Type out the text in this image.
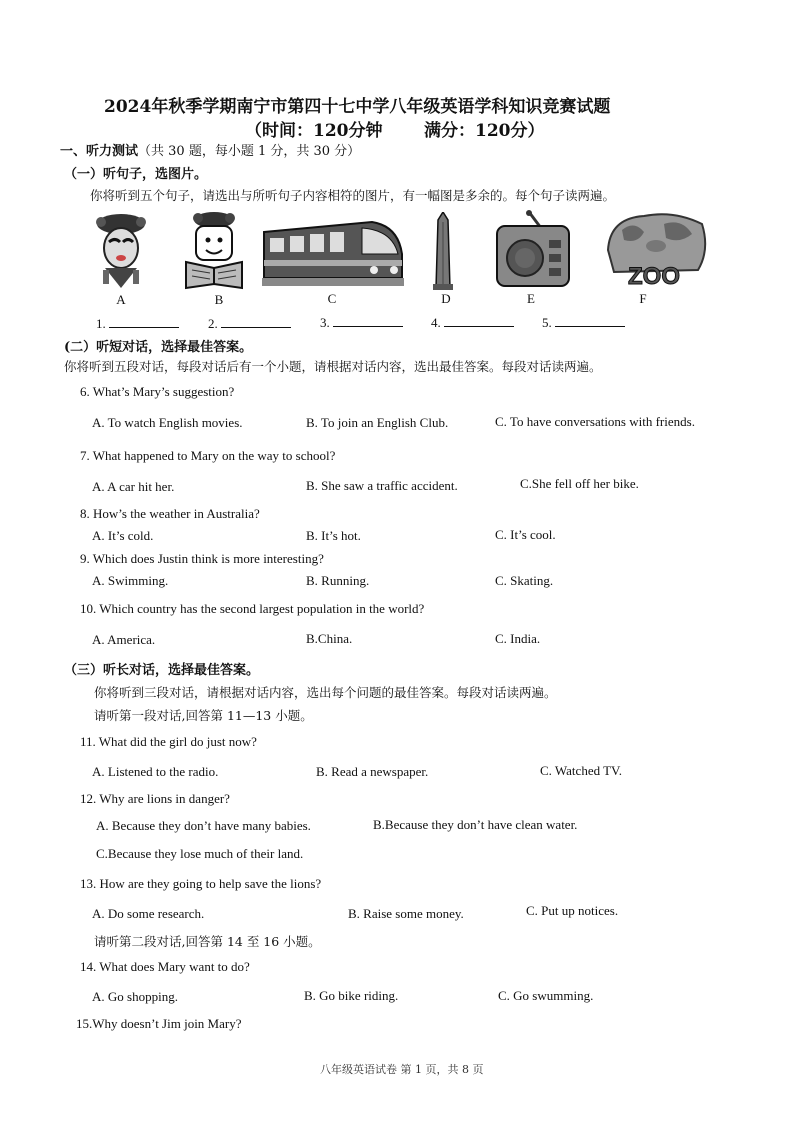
2024年秋季学期南宁市第四十七中学八年级英语学科知识竞赛试题
（时间：120分钟 满分：120分）
一、听力测试（共 30 题，每小题 1 分，共 30 分）
（一）听句子，选图片。
你将听到五个句子，请选出与所听句子内容相符的图片，有一幅图是多余的。每个句子读两遍。
ZOO
A	B	C	D	E	F
1.	2.	3.	4.	5.
(二）听短对话，选择最佳答案。
你将听到五段对话，每段对话后有一个小题，请根据对话内容，选出最佳答案。每段对话读两遍。
6. What’s Mary’s suggestion?
A. To watch English movies.	B. To join an English Club.	C. To have conversations with friends.
7. What happened to Mary on the way to school?
A. A car hit her.	B. She saw a traffic accident.	C.She fell off her bike.
8. How’s the weather in Australia?
A. It’s cold.	B. It’s hot.	C. It’s cool.
9. Which does Justin think is more interesting?
A. Swimming.	B. Running.	C. Skating.
10. Which country has the second largest population in the world?
A. America.	B.China.	C. India.
（三）听长对话，选择最佳答案。
你将听到三段对话，请根据对话内容，选出每个问题的最佳答案。每段对话读两遍。
请听第一段对话,回答第 11—13 小题。
11. What did the girl do just now?
A. Listened to the radio.	B. Read a newspaper.	C. Watched TV.
12. Why are lions in danger?
A. Because they don’t have many babies.	B.Because they don’t have clean water.
C.Because they lose much of their land.
13. How are they going to help save the lions?
A. Do some research.	B. Raise some money.	C. Put up notices.
请听第二段对话,回答第 14 至 16 小题。
14. What does Mary want to do?
A. Go shopping.	B. Go bike riding.	C. Go swumming.
15.Why doesn’t Jim join Mary?
八年级英语试卷 第 1 页，共 8 页
